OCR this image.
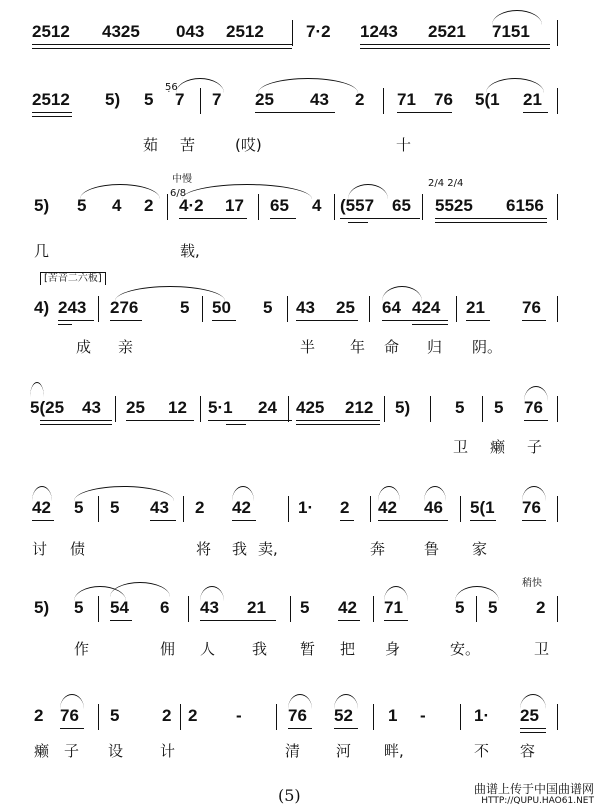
2512 4325 043 2512 7·2 1243 2521 7151
2512 5) 5 7 7 25 43 2 71 76 5(1 21
5̣6
茹 苦	(哎)	十
5) 5 4 2 4·2 17 65 4 (557 65 5525 6156
中慢
6/8
2/4 2/4
几	载,
[苦音二六板]
4) 243 276 5 50 5 43 25 64 424 21 76
成 亲	半 年 命 归 阴。
5(25 43 25 12 5·1 24 425 212 5)	5 5 76
卫 癞 子
42 5 5 43 2 42	1· 2 42 46 5(1 76
讨 债	将 我 卖,	奔	鲁 家
稍快
5) 5 54 6 43 21 5 42 71	5 5 2
作	佣 人 我 暂 把 身	安。	卫
2 76 5	2 2 -	76 52 1 -	1· 25
癞 子 设 计	清 河 畔,	不 容
(5)	曲谱上传于中国曲谱网
HTTP://QUPU.HAO61.NET
